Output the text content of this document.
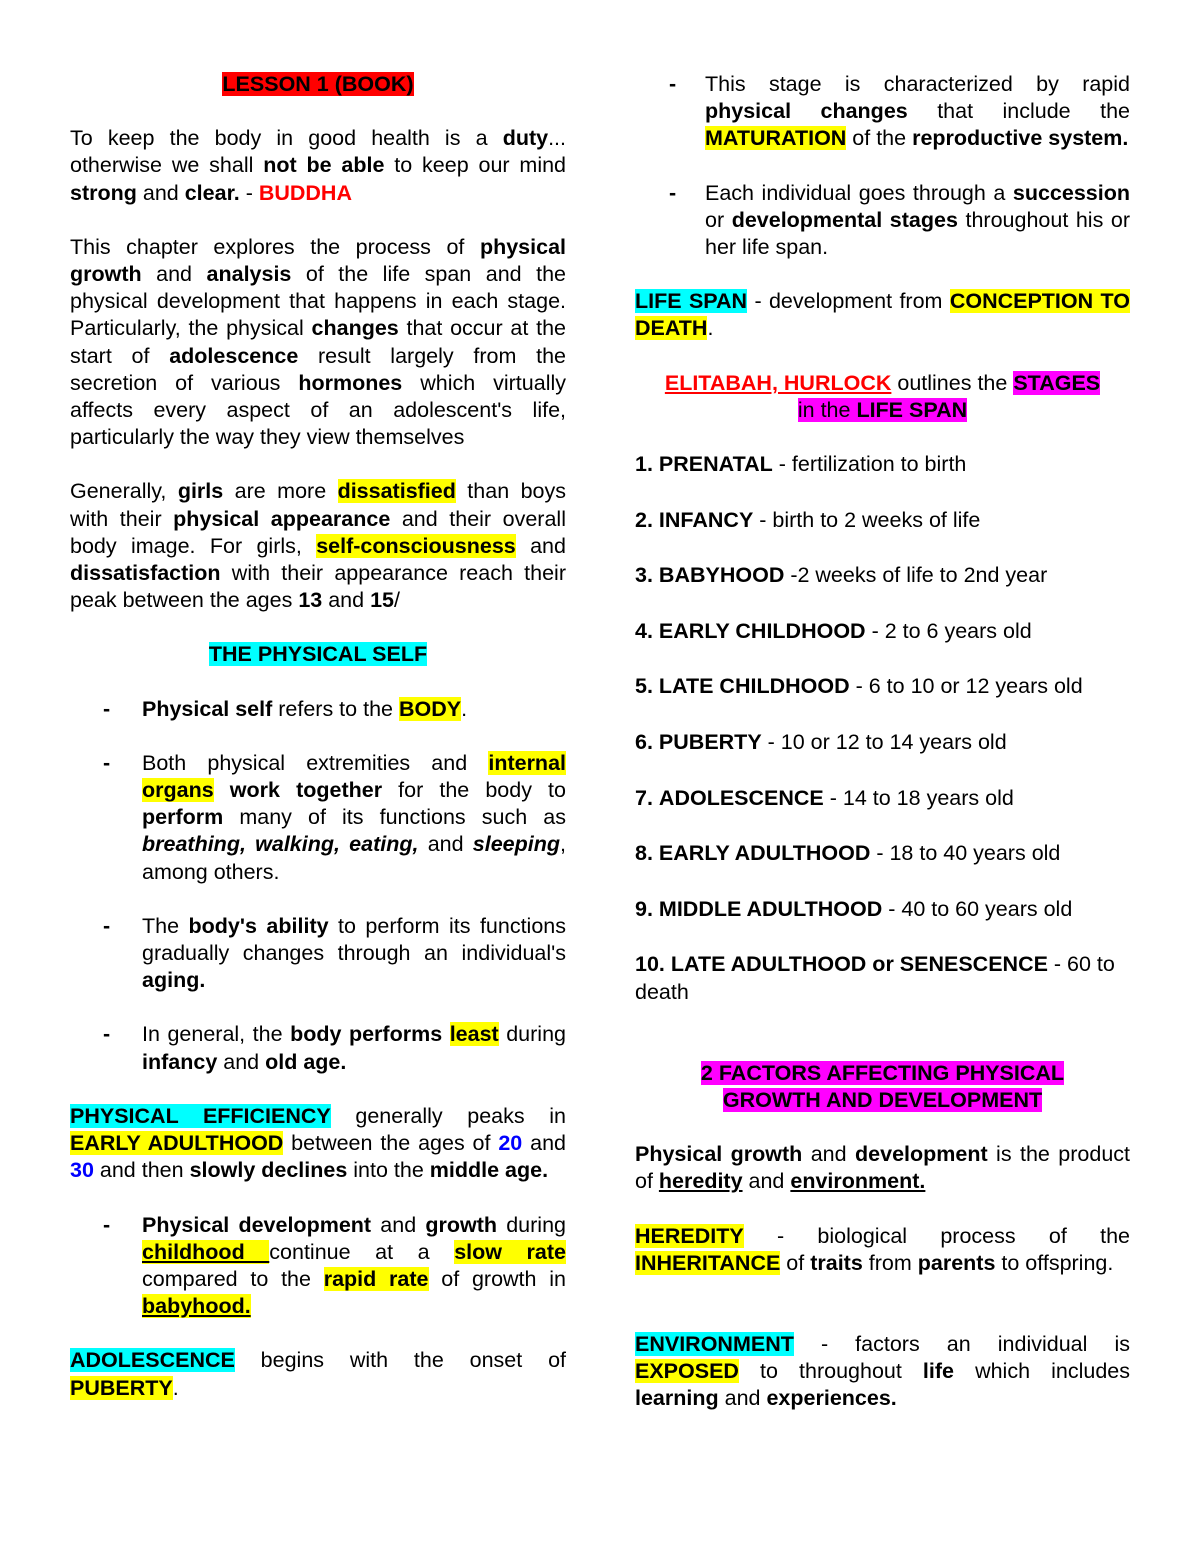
LESSON 1 (BOOK)

To keep the body in good health is a duty... otherwise we shall not be able to keep our mind strong and clear. - BUDDHA

This chapter explores the process of physical growth and analysis of the life span and the physical development that happens in each stage. Particularly, the physical changes that occur at the start of adolescence result largely from the secretion of various hormones which virtually affects every aspect of an adolescent's life, particularly the way they view themselves

Generally, girls are more dissatisfied than boys with their physical appearance and their overall body image. For girls, self-consciousness and dissatisfaction with their appearance reach their peak between the ages 13 and 15/

THE PHYSICAL SELF

- Physical self refers to the BODY.
- Both physical extremities and internal organs work together for the body to perform many of its functions such as breathing, walking, eating, and sleeping, among others.
- The body's ability to perform its functions gradually changes through an individual's aging.
- In general, the body performs least during infancy and old age.

PHYSICAL EFFICIENCY generally peaks in EARLY ADULTHOOD between the ages of 20 and 30 and then slowly declines into the middle age.

- Physical development and growth during childhood continue at a slow rate compared to the rapid rate of growth in babyhood.

ADOLESCENCE begins with the onset of PUBERTY.

- This stage is characterized by rapid physical changes that include the MATURATION of the reproductive system.
- Each individual goes through a succession or developmental stages throughout his or her life span.

LIFE SPAN - development from CONCEPTION TO DEATH.

ELITABAH, HURLOCK outlines the STAGES
in the LIFE SPAN

1. PRENATAL - fertilization to birth

2. INFANCY - birth to 2 weeks of life

3. BABYHOOD -2 weeks of life to 2nd year

4. EARLY CHILDHOOD - 2 to 6 years old

5. LATE CHILDHOOD - 6 to 10 or 12 years old

6. PUBERTY - 10 or 12 to 14 years old

7. ADOLESCENCE - 14 to 18 years old

8. EARLY ADULTHOOD - 18 to 40 years old

9. MIDDLE ADULTHOOD - 40 to 60 years old

10. LATE ADULTHOOD or SENESCENCE - 60 to death

2 FACTORS AFFECTING PHYSICAL
GROWTH AND DEVELOPMENT

Physical growth and development is the product of heredity and environment.

HEREDITY - biological process of the INHERITANCE of traits from parents to offspring.

ENVIRONMENT - factors an individual is EXPOSED to throughout life which includes learning and experiences.
